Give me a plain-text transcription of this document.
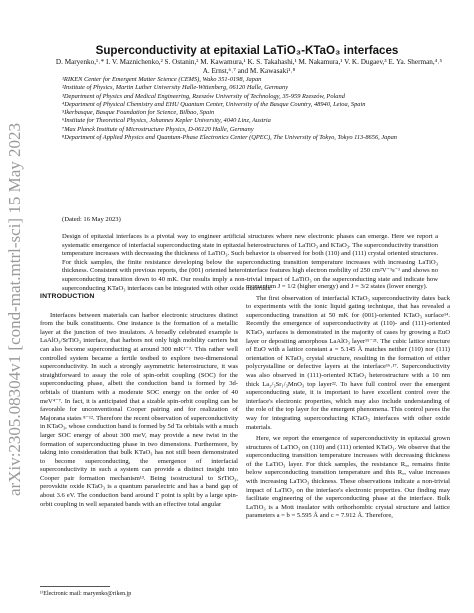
arXiv:2305.08304v1 [cond-mat.mtrl-sci] 15 May 2023
Superconductivity at epitaxial LaTiO₃-KTaO₃ interfaces
D. Maryenko,¹˒* I. V. Maznichenko,² S. Ostanin,² M. Kawamura,¹ K. S. Takahashi,¹ M. Nakamura,¹ V. K. Dugaev,³ E. Ya. Sherman,⁴˒⁵ A. Ernst,⁶˒⁷ and M. Kawasaki¹˒⁸
¹RIKEN Center for Emergent Matter Science (CEMS), Wako 351-0198, Japan
²Institute of Physics, Martin Luther University Halle-Wittenberg, 06120 Halle, Germany
³Department of Physics and Medical Engineering, Rzeszów University of Technology, 35-959 Rzeszów, Poland
⁴Department of Physical Chemistry and EHU Quantum Center, University of the Basque Country, 48940, Leioa, Spain
⁵Ikerbasque, Basque Foundation for Science, Bilbao, Spain
⁶Institute for Theoretical Physics, Johannes Kepler University, 4040 Linz, Austria
⁷Max Planck Institute of Microstructure Physics, D-06120 Halle, Germany
⁸Department of Applied Physics and Quantum-Phase Electronics Center (QPEC), The University of Tokyo, Tokyo 113-8656, Japan
(Dated: 16 May 2023)
Design of epitaxial interfaces is a pivotal way to engineer artificial structures where new electronic phases can emerge. Here we report a systematic emergence of interfacial superconducting state in epitaxial heterostructures of LaTiO₃ and KTaO₃. The superconductivity transition temperature increases with decreasing the thickness of LaTiO₃. Such behavior is observed for both (110) and (111) crystal oriented structures. For thick samples, the finite resistance developing below the superconducting transition temperature increases with increasing LaTiO₃ thickness. Consistent with previous reports, the (001) oriented heterointerface features high electron mobility of 250 cm²V⁻¹s⁻¹ and shows no superconducting transition down to 40 mK. Our results imply a non-trivial impact of LaTiO₃ on the superconducting state and indicate how superconducting KTaO₃ interfaces can be integrated with other oxide materials.
INTRODUCTION

Interfaces between materials can harbor electronic structures distinct from the bulk constituents. One instance is the formation of a metallic layer at the junction of two insulators. A broadly celebrated example is LaAlO₃/SrTiO₃ interface, that harbors not only high mobility carriers but can also become superconducting at around 300 mK¹⁻³. This rather well controlled system became a fertile testbed to explore two-dimensional superconductivity. In such a strongly asymmetric heterostructure, it was straightforward to assay the role of spin-orbit coupling (SOC) for the superconducting phase, albeit the conduction band is formed by 3d-orbitals of titanium with a moderate SOC energy on the order of 40 meV⁴⁻⁷. In fact, it is anticipated that a sizable spin-orbit coupling can be favorable for unconventional Cooper pairing and for realization of Majorana states ⁸⁻¹². Therefore the recent observation of superconductivity in KTaO₃, whose conduction band is formed by 5d Ta orbitals with a much larger SOC energy of about 300 meV, may provide a new twist in the formation of superconducting phase in two dimensions. Furthermore, by taking into consideration that bulk KTaO₃ has not still been demonstrated to become superconducting, the emergence of interfacial superconductivity in such a system can provide a distinct insight into Cooper pair formation mechanism¹³. Being isostructural to SrTiO₃, perovskite oxide KTaO₃ is a quantum paraelectric and has a band gap of about 3.6 eV. The conduction band around Γ point is split by a large spin-orbit coupling in well separated bands with an effective total angular

momentum J = 1/2 (higher energy) and J = 3/2 states (lower energy).

The first observation of interfacial KTaO₃ superconductivity dates back to experiments with the ionic liquid gating technique, that has revealed a superconducting transition at 50 mK for (001)-oriented KTaO₃ surface¹⁴. Recently the emergence of superconductivity at (110)- and (111)-oriented KTaO₃ surfaces is demonstrated in the majority of cases by growing a EuO layer or depositing amorphous LaAlO₃ layer¹⁵⁻²¹. The cubic lattice structure of EuO with a lattice constant a = 5.145 Å matches neither (110) nor (111) orientation of KTaO₃ crystal structure, resulting in the formation of either polycrystalline or defective layers at the interface¹⁶˒¹⁷. Superconductivity was also observed in (111)-oriented KTaO₃ heterostructure with a 10 nm thick La₂/₃Sr₁/₃MnO₃ top layer²². To have full control over the emergent superconducting state, it is important to have excellent control over the interface's electronic properties, which may also include understanding of the role of the top layer for the emergent phenomena. This control paves the way for integrating superconducting KTaO₃ interfaces with other oxide materials.

Here, we report the emergence of superconductivity in epitaxial grown structures of LaTiO₃ on (110) and (111) oriented KTaO₃. We observe that the superconducting transition temperature increases with decreasing thickness of the LaTiO₃ layer. For thick samples, the resistance Rₓₓ remains finite below superconducting transition temperature and this Rₓₓ value increases with increasing LaTiO₃ thickness. These observations indicate a non-trivial impact of LaTiO₃ on the interface's electronic properties. Our finding may facilitate engineering of the superconducting phase at the interface. Bulk LaTiO₃ is a Mott insulator with orthorhombic crystal structure and lattice parameters a = b = 5.595 Å and c = 7.912 Å. Therefore,

¹⁾Electronic mail: maryenko@riken.jp
